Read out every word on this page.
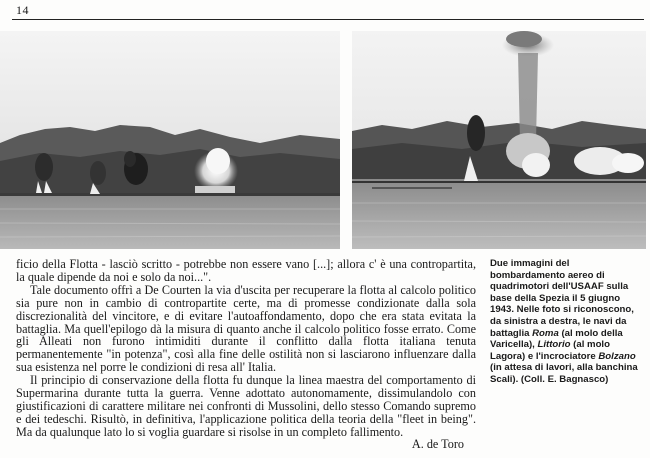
14

ficio della Flotta - lasciò scritto - potrebbe non essere vano [...]; allora c' è una contropartita, la quale dipende da noi e solo da noi...".

Tale documento offrì a De Courten la via d'uscita per recuperare la flotta al calcolo politico sia pure non in cambio di contropartite certe, ma di promesse condizionate dalla sola discrezionalità del vincitore, e di evitare l'autoaffondamento, dopo che era stata evitata la battaglia. Ma quell'epilogo dà la misura di quanto anche il calcolo politico fosse errato. Come gli Alleati non furono intimiditi durante il conflitto dalla flotta italiana tenuta permanentemente "in potenza", così alla fine delle ostilità non si lasciarono influenzare dalla sua esistenza nel porre le condizioni di resa all' Italia.

Il principio di conservazione della flotta fu dunque la linea maestra del comportamento di Supermarina durante tutta la guerra. Venne adottato autonomamente, dissimulandolo con giustificazioni di carattere militare nei confronti di Mussolini, dello stesso Comando supremo e dei tedeschi. Risultò, in definitiva, l'applicazione politica della teoria della "fleet in being". Ma da qualunque lato lo si voglia guardare si risolse in un completo fallimento.

A. de Toro
Due immagini del bombardamento aereo di quadrimotori dell'USAAF sulla base della Spezia il 5 giugno 1943. Nelle foto si riconoscono, da sinistra a destra, le navi da battaglia Roma (al molo della Varicella), Littorio (al molo Lagora) e l'incrociatore Bolzano (in attesa di lavori, alla banchina Scali). (Coll. E. Bagnasco)
